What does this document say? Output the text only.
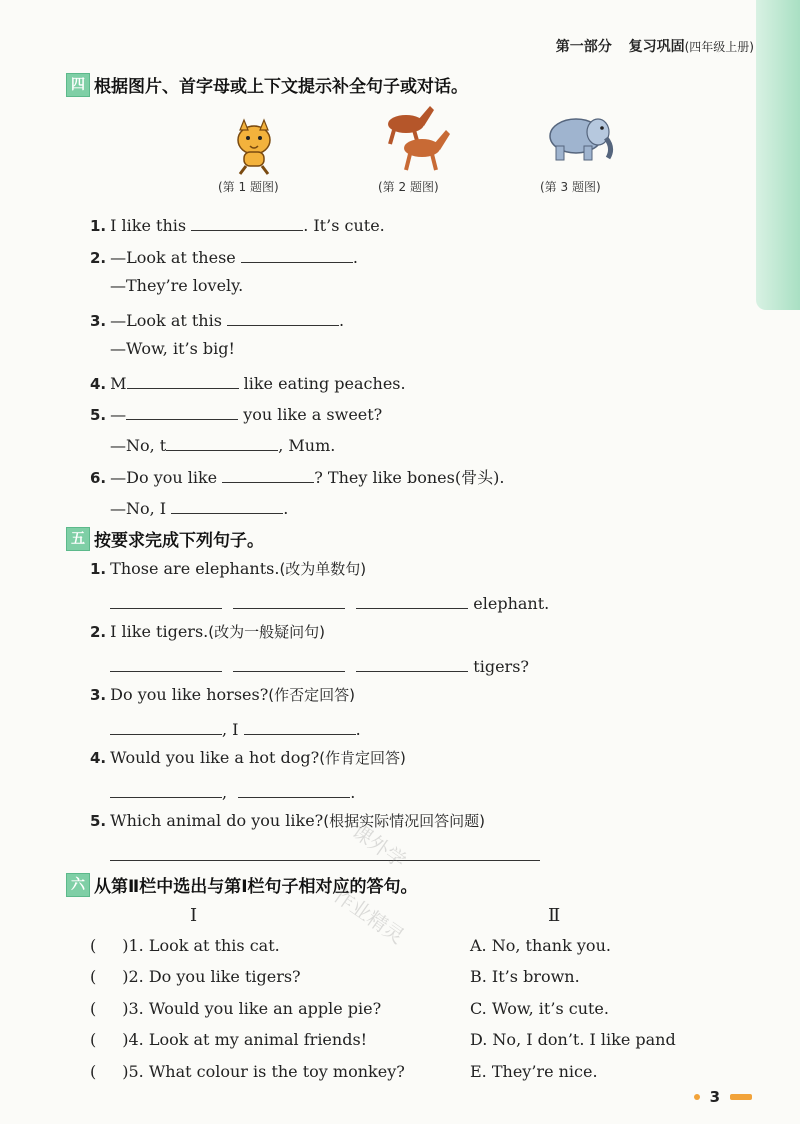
第一部分 复习巩固(四年级上册)
四 根据图片、首字母或上下文提示补全句子或对话。
(第 1 题图)	(第 2 题图)	(第 3 题图)
1. I like this	. It’s cute.
2. —Look at these	.
—They’re lovely.
3. —Look at this	.
—Wow, it’s big!
4. M	like eating peaches.
5. —	you like a sweet?
—No, t	, Mum.
6. —Do you like	? They like bones(骨头).
—No, I	.
五 按要求完成下列句子。
1. Those are elephants.(改为单数句)
elephant.
2. I like tigers.(改为一般疑问句)
tigers?
3. Do you like horses?(作否定回答)
, I	.
4. Would you like a hot dog?(作肯定回答)
,	.
5. Which animal do you like?(根据实际情况回答问题)
六 从第Ⅱ栏中选出与第Ⅰ栏句子相对应的答句。
Ⅰ	Ⅱ
( )1. Look at this cat.	A. No, thank you.
( )2. Do you like tigers?	B. It’s brown.
( )3. Would you like an apple pie?	C. Wow, it’s cute.
( )4. Look at my animal friends!	D. No, I don’t. I like pand
( )5. What colour is the toy monkey?	E. They’re nice.
课外学
作业精灵
3
